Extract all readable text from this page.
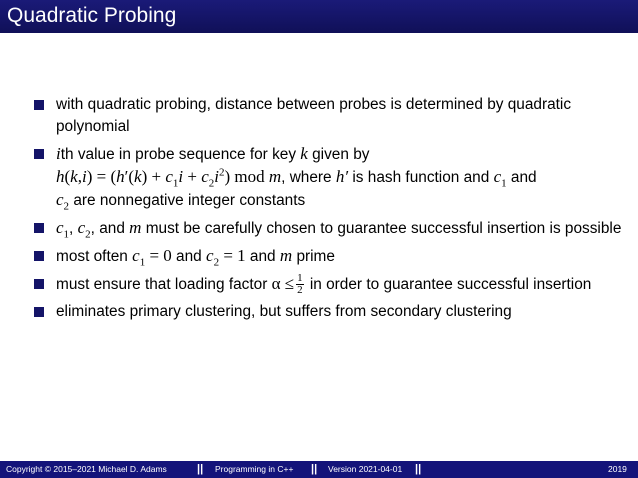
Quadratic Probing
with quadratic probing, distance between probes is determined by quadratic polynomial
ith value in probe sequence for key k given by
$h(k,i) = (h'(k) + c_1i + c_2i^2)$ mod m, where h′ is hash function and $c_1$ and
$c_2$ are nonnegative integer constants
$c_1$, $c_2$, and m must be carefully chosen to guarantee successful insertion is possible
most often $c_1 = 0$ and $c_2 = 1$ and m prime
must ensure that loading factor $\alpha \le \frac{1}{2}$ in order to guarantee successful insertion
eliminates primary clustering, but suffers from secondary clustering
Copyright © 2015–2021 Michael D. Adams	|| Programming in C++ || Version 2021-04-01 ||	2019
